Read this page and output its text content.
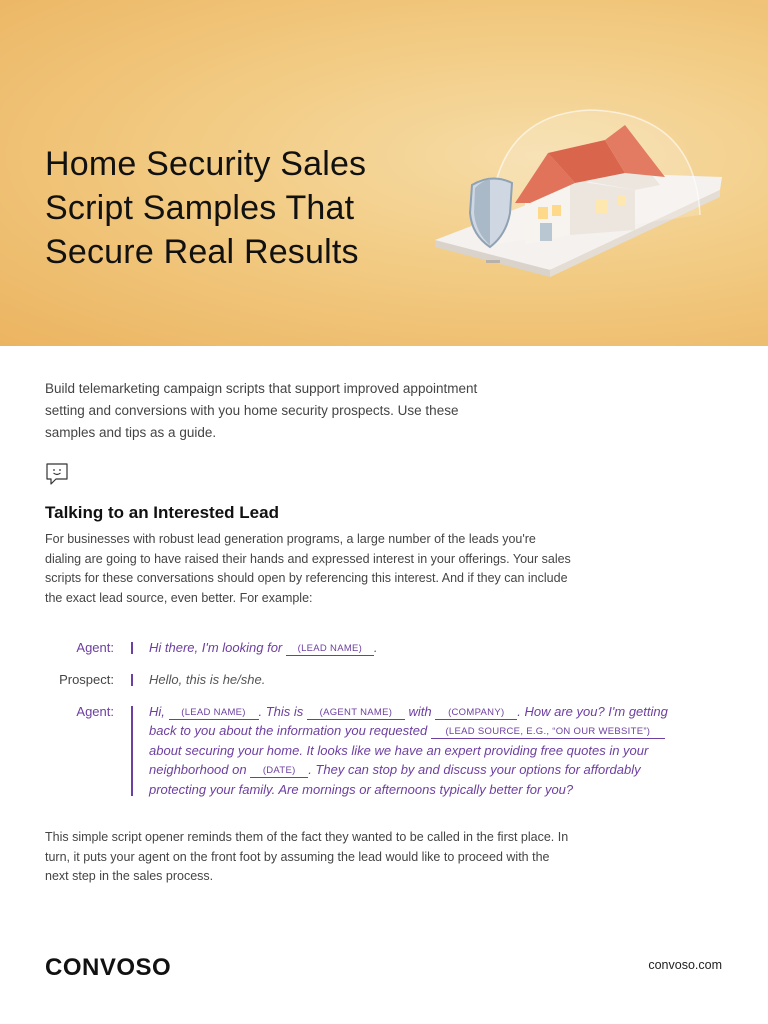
Home Security Sales
Script Samples That
Secure Real Results

Build telemarketing campaign scripts that support improved appointment setting and conversions with you home security prospects. Use these samples and tips as a guide.

Talking to an Interested Lead

For businesses with robust lead generation programs, a large number of the leads you're dialing are going to have raised their hands and expressed interest in your offerings. Your sales scripts for these conversations should open by referencing this interest. And if they can include the exact lead source, even better. For example:

Agent:	Hi there, I'm looking for (LEAD NAME) .
Prospect:	Hello, this is he/she.
Agent:	Hi, (LEAD NAME) . This is (AGENT NAME) with (COMPANY) . How are you? I'm getting
back to you about the information you requested (LEAD SOURCE, E.G., “ON OUR WEBSITE”)
about securing your home. It looks like we have an expert providing free quotes in your
neighborhood on (DATE) . They can stop by and discuss your options for affordably
protecting your family. Are mornings or afternoons typically better for you?

This simple script opener reminds them of the fact they wanted to be called in the first place. In turn, it puts your agent on the front foot by assuming the lead would like to proceed with the next step in the sales process.

CONVOSO	convoso.com
